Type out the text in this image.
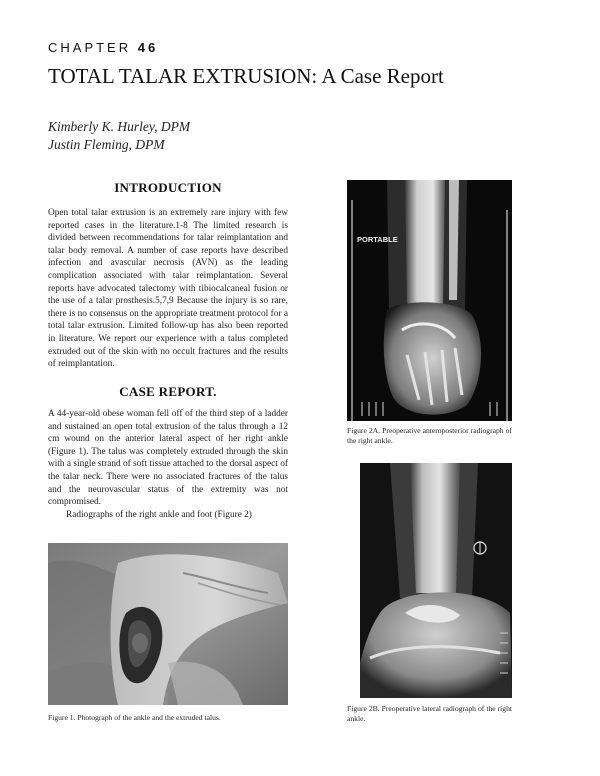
CHAPTER 46
TOTAL TALAR EXTRUSION: A Case Report
Kimberly K. Hurley, DPM
Justin Fleming, DPM
INTRODUCTION

Open total talar extrusion is an extremely rare injury with few reported cases in the literature.1-8 The limited research is divided between recommendations for talar reimplantation and talar body removal. A number of case reports have described infection and avascular necrosis (AVN) as the leading complication associated with talar reimplantation. Several reports have advocated talectomy with tibiocalcaneal fusion or the use of a talar prosthesis.5,7,9 Because the injury is so rare, there is no consensus on the appropriate treatment protocol for a total talar extrusion. Limited follow-up has also been reported in literature. We report our experience with a talus completed extruded out of the skin with no occult fractures and the results of reimplantation.

CASE REPORT.

A 44-year-old obese woman fell off of the third step of a ladder and sustained an open total extrusion of the talus through a 12 cm wound on the anterior lateral aspect of her right ankle (Figure 1). The talus was completely extruded through the skin with a single strand of soft tissue attached to the dorsal aspect of the talar neck. There were no associated fractures of the talus and the neurovascular status of the extremity was not compromised.

Radiographs of the right ankle and foot (Figure 2)

Figure 1. Photograph of the ankle and the extruded talus.
PORTABLE
Figure 2A. Preoperative anteroposterior radiograph of the right ankle.
Figure 2B. Preoperative lateral radiograph of the right ankle.
